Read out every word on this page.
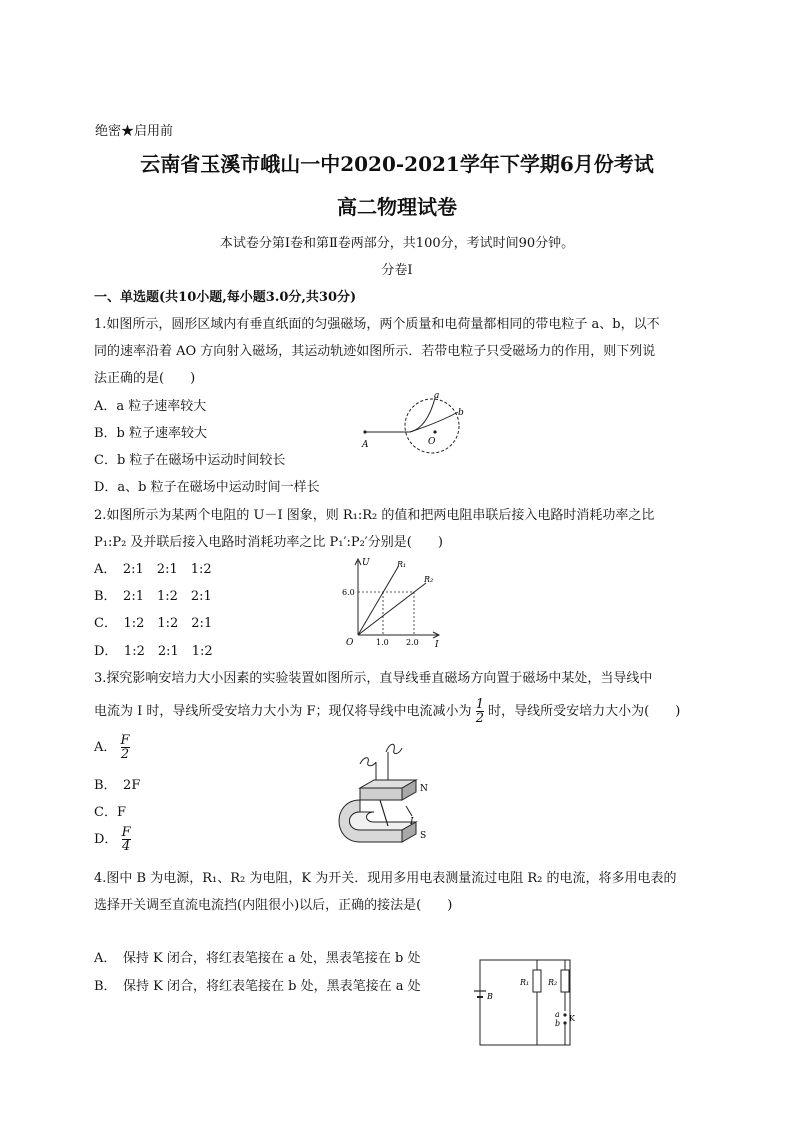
绝密★启用前
云南省玉溪市峨山一中2020-2021学年下学期6月份考试
高二物理试卷
本试卷分第Ⅰ卷和第Ⅱ卷两部分，共100分，考试时间90分钟。
分卷I
一、单选题(共10小题,每小题3.0分,共30分)
1.如图所示，圆形区域内有垂直纸面的匀强磁场，两个质量和电荷量都相同的带电粒子 a、b，以不
同的速率沿着 AO 方向射入磁场，其运动轨迹如图所示．若带电粒子只受磁场力的作用，则下列说
法正确的是(　　)
A．a 粒子速率较大
B．b 粒子速率较大
C．b 粒子在磁场中运动时间较长
D．a、b 粒子在磁场中运动时间一样长
A	O
a
b
2.如图所示为某两个电阻的 U－I 图象，则 R₁:R₂ 的值和把两电阻串联后接入电路时消耗功率之比
P₁:P₂ 及并联后接入电路时消耗功率之比 P₁′:P₂′分别是(　　)
A．　2:1　2:1　1:2
B．　2:1　1:2　2:1
C．　1:2　1:2　2:1
D．　1:2　2:1　1:2
U
I
O
R₁
R₂
6.0
1.0 2.0
3.探究影响安培力大小因素的实验装置如图所示，直导线垂直磁场方向置于磁场中某处，当导线中
电流为 I 时，导线所受安培力大小为 F；现仅将导线中电流减小为 $\frac{1}{2}$ 时，导线所受安培力大小为(　　)
A． $\frac{F}{2}$
B．　2F
C．F
D． $\frac{F}{4}$
N
S
I
4.图中 B 为电源，R₁、R₂ 为电阻，K 为开关．现用多用电表测量流过电阻 R₂ 的电流，将多用电表的
选择开关调至直流电流挡(内阻很小)以后，正确的接法是(　　)
A．　保持 K 闭合，将红表笔接在 a 处，黑表笔接在 b 处
B．　保持 K 闭合，将红表笔接在 b 处，黑表笔接在 a 处
B
R₁ R₂
a
b
K
